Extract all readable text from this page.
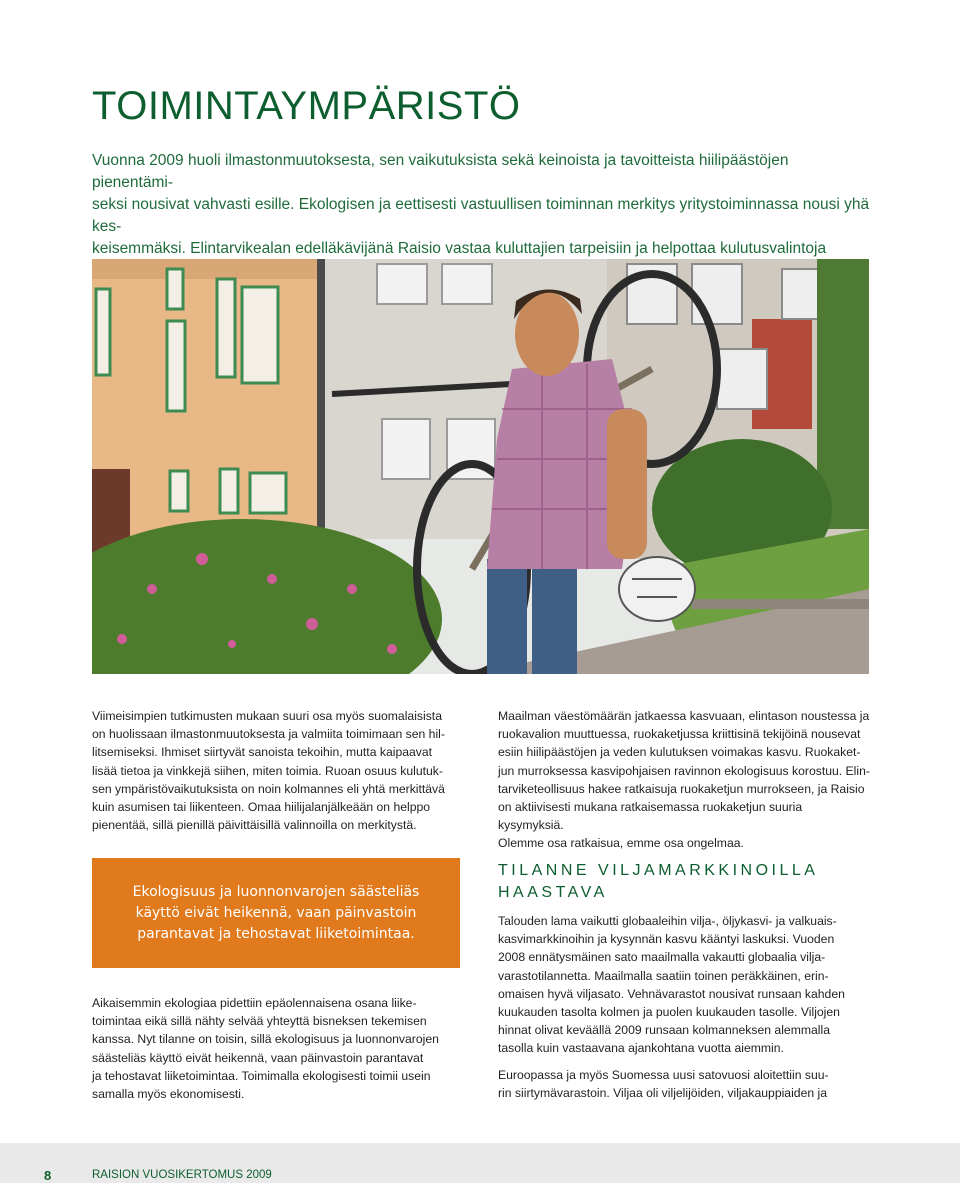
TOIMINTAYMPÄRISTÖ
Vuonna 2009 huoli ilmastonmuutoksesta, sen vaikutuksista sekä keinoista ja tavoitteista hiilipäästöjen pienentämi-
seksi nousivat vahvasti esille. Ekologisen ja eettisesti vastuullisen toiminnan merkitys yritystoiminnassa nousi yhä kes-
keisemmäksi. Elintarvikealan edelläkävijänä Raisio vastaa kuluttajien tarpeisiin ja helpottaa kulutusvalintoja
Viimeisimpien tutkimusten mukaan suuri osa myös suomalaisista
on huolissaan ilmastonmuutoksesta ja valmiita toimimaan sen hil-
litsemiseksi. Ihmiset siirtyvät sanoista tekoihin, mutta kaipaavat
lisää tietoa ja vinkkejä siihen, miten toimia. Ruoan osuus kulutuk-
sen ympäristövaikutuksista on noin kolmannes eli yhtä merkittävä
kuin asumisen tai liikenteen. Omaa hiilijalanjälkeään on helppo
pienentää, sillä pienillä päivittäisillä valinnoilla on merkitystä.

Ekologisuus ja luonnonvarojen säästeliäs
käyttö eivät heikennä, vaan päinvastoin
parantavat ja tehostavat liiketoimintaa.

Aikaisemmin ekologiaa pidettiin epäolennaisena osana liike-
toimintaa eikä sillä nähty selvää yhteyttä bisneksen tekemisen
kanssa. Nyt tilanne on toisin, sillä ekologisuus ja luonnonvarojen
säästeliäs käyttö eivät heikennä, vaan päinvastoin parantavat
ja tehostavat liiketoimintaa. Toimimalla ekologisesti toimii usein
samalla myös ekonomisesti.
Maailman väestömäärän jatkaessa kasvuaan, elintason noustessa ja
ruokavalion muuttuessa, ruokaketjussa kriittisinä tekijöinä nousevat
esiin hiilipäästöjen ja veden kulutuksen voimakas kasvu. Ruokaket-
jun murroksessa kasvipohjaisen ravinnon ekologisuus korostuu. Elin-
tarviketeollisuus hakee ratkaisuja ruokaketjun murrokseen, ja Raisio
on aktiivisesti mukana ratkaisemassa ruokaketjun suuria kysymyksiä.
Olemme osa ratkaisua, emme osa ongelmaa.
TILANNE VILJAMARKKINOILLA
HAASTAVA
Talouden lama vaikutti globaaleihin vilja-, öljykasvi- ja valkuais-
kasvimarkkinoihin ja kysynnän kasvu kääntyi laskuksi. Vuoden
2008 ennätysmäinen sato maailmalla vakautti globaalia vilja-
varastotilannetta. Maailmalla saatiin toinen peräkkäinen, erin-
omaisen hyvä viljasato. Vehnävarastot nousivat runsaan kahden
kuukauden tasolta kolmen ja puolen kuukauden tasolle. Viljojen
hinnat olivat keväällä 2009 runsaan kolmanneksen alemmalla
tasolla kuin vastaavana ajankohtana vuotta aiemmin.
Euroopassa ja myös Suomessa uusi satovuosi aloitettiin suu-
rin siirtymävarastoin. Viljaa oli viljelijöiden, viljakauppiaiden ja
8	RAISION VUOSIKERTOMUS 2009
